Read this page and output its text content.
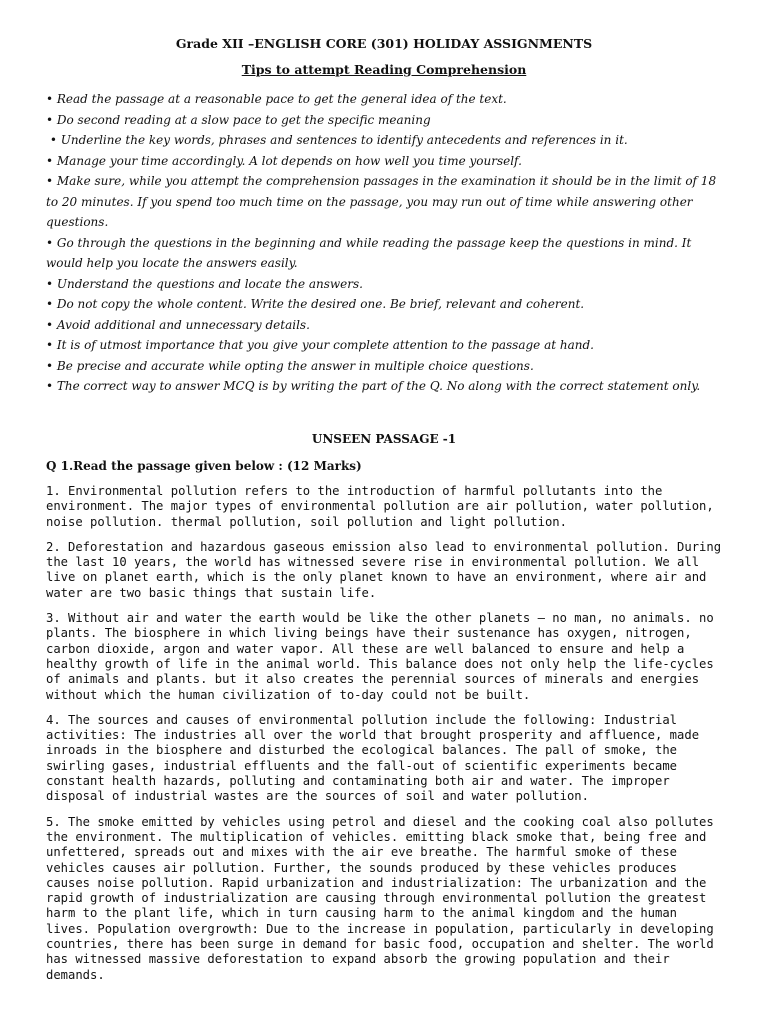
Grade XII –ENGLISH CORE (301) HOLIDAY ASSIGNMENTS
Tips to attempt Reading Comprehension
• Read the passage at a reasonable pace to get the general idea of the text.
• Do second reading at a slow pace to get the specific meaning
• Underline the key words, phrases and sentences to identify antecedents and references in it.
• Manage your time accordingly. A lot depends on how well you time yourself.
• Make sure, while you attempt the comprehension passages in the examination it should be in the limit of 18 to 20 minutes. If you spend too much time on the passage, you may run out of time while answering other questions.
• Go through the questions in the beginning and while reading the passage keep the questions in mind. It would help you locate the answers easily.
• Understand the questions and locate the answers.
• Do not copy the whole content. Write the desired one. Be brief, relevant and coherent.
• Avoid additional and unnecessary details.
• It is of utmost importance that you give your complete attention to the passage at hand.
• Be precise and accurate while opting the answer in multiple choice questions.
• The correct way to answer MCQ is by writing the part of the Q. No along with the correct statement only.
UNSEEN PASSAGE -1

Q 1.Read the passage given below : (12 Marks)

1. Environmental pollution refers to the introduction of harmful pollutants into the environment. The major types of environmental pollution are air pollution, water pollution, noise pollution. thermal pollution, soil pollution and light pollution.

2. Deforestation and hazardous gaseous emission also lead to environmental pollution. During the last 10 years, the world has witnessed severe rise in environmental pollution. We all live on planet earth, which is the only planet known to have an environment, where air and water are two basic things that sustain life.

3. Without air and water the earth would be like the other planets — no man, no animals. no plants. The biosphere in which living beings have their sustenance has oxygen, nitrogen, carbon dioxide, argon and water vapor. All these are well balanced to ensure and help a healthy growth of life in the animal world. This balance does not only help the life-cycles of animals and plants. but it also creates the perennial sources of minerals and energies without which the human civilization of to-day could not be built.

4. The sources and causes of environmental pollution include the following: Industrial activities: The industries all over the world that brought prosperity and affluence, made inroads in the biosphere and disturbed the ecological balances. The pall of smoke, the swirling gases, industrial effluents and the fall-out of scientific experiments became constant health hazards, polluting and contaminating both air and water. The improper disposal of industrial wastes are the sources of soil and water pollution.

5. The smoke emitted by vehicles using petrol and diesel and the cooking coal also pollutes the environment. The multiplication of vehicles. emitting black smoke that, being free and unfettered, spreads out and mixes with the air eve breathe. The harmful smoke of these vehicles causes air pollution. Further, the sounds produced by these vehicles produces causes noise pollution. Rapid urbanization and industrialization: The urbanization and the rapid growth of industrialization are causing through environmental pollution the greatest harm to the plant life, which in turn causing harm to the animal kingdom and the human lives. Population overgrowth: Due to the increase in population, particularly in developing countries, there has been surge in demand for basic food, occupation and shelter. The world has witnessed massive deforestation to expand absorb the growing population and their demands.
